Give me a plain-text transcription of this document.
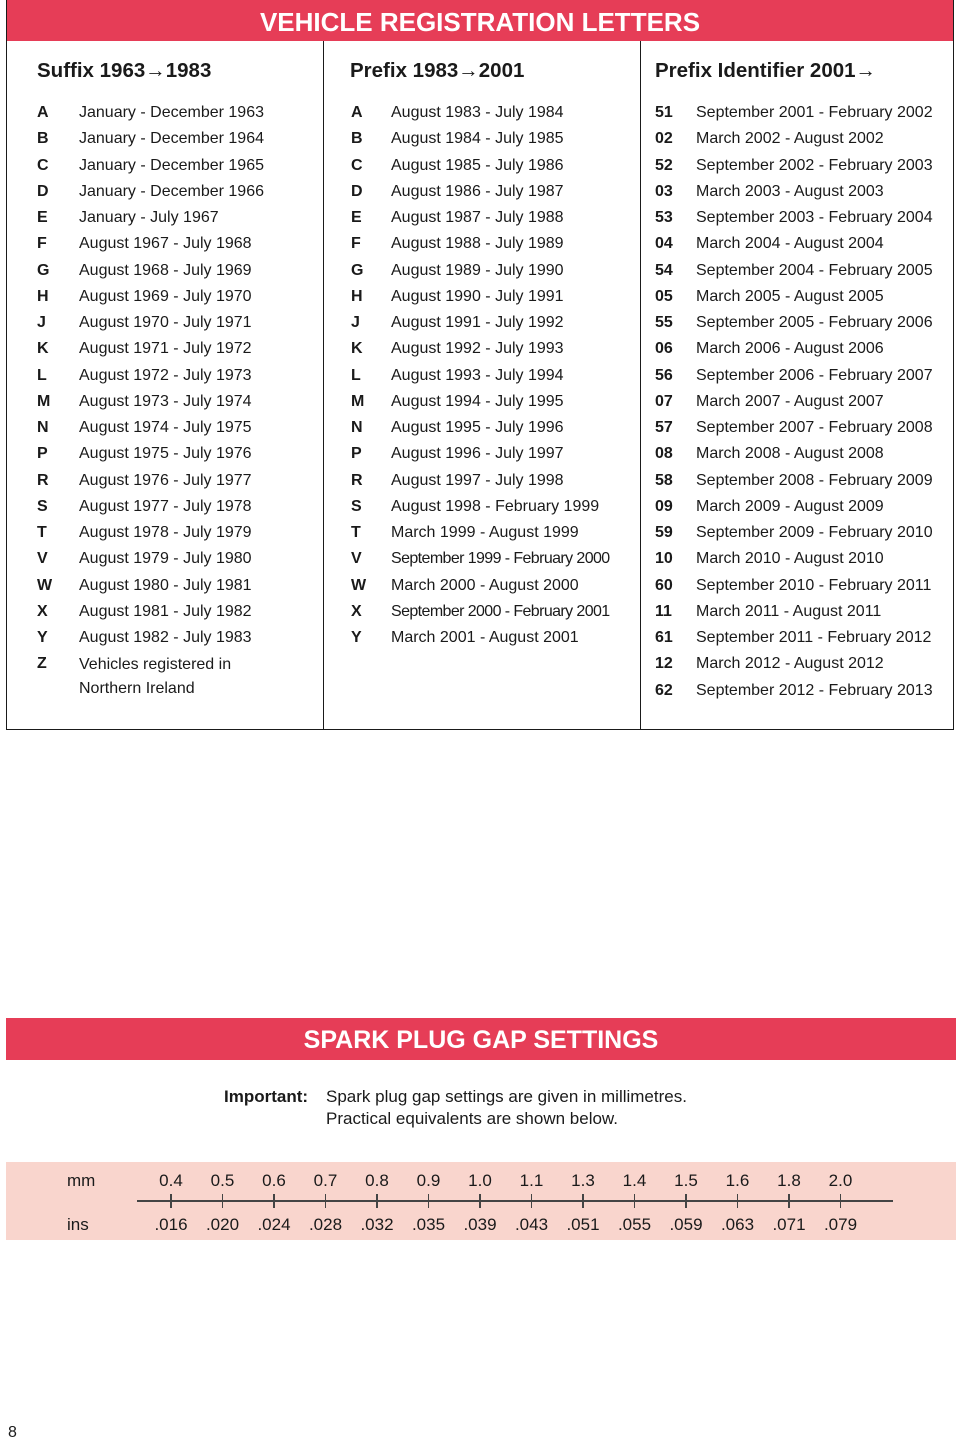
VEHICLE REGISTRATION LETTERS
Suffix 1963→1983
A January - December 1963
B January - December 1964
C January - December 1965
D January - December 1966
E January - July 1967
F August 1967 - July 1968
G August 1968 - July 1969
H August 1969 - July 1970
J August 1970 - July 1971
K August 1971 - July 1972
L August 1972 - July 1973
M August 1973 - July 1974
N August 1974 - July 1975
P August 1975 - July 1976
R August 1976 - July 1977
S August 1977 - July 1978
T August 1978 - July 1979
V August 1979 - July 1980
W August 1980 - July 1981
X August 1981 - July 1982
Y August 1982 - July 1983
Z Vehicles registered in Northern Ireland
Prefix 1983→2001
A August 1983 - July 1984
B August 1984 - July 1985
C August 1985 - July 1986
D August 1986 - July 1987
E August 1987 - July 1988
F August 1988 - July 1989
G August 1989 - July 1990
H August 1990 - July 1991
J August 1991 - July 1992
K August 1992 - July 1993
L August 1993 - July 1994
M August 1994 - July 1995
N August 1995 - July 1996
P August 1996 - July 1997
R August 1997 - July 1998
S August 1998 - February 1999
T March 1999 - August 1999
V September 1999 - February 2000
W March 2000 - August 2000
X September 2000 - February 2001
Y March 2001 - August 2001
Prefix Identifier 2001→
51 September 2001 - February 2002
02 March 2002 - August 2002
52 September 2002 - February 2003
03 March 2003 - August 2003
53 September 2003 - February 2004
04 March 2004 - August 2004
54 September 2004 - February 2005
05 March 2005 - August 2005
55 September 2005 - February 2006
06 March 2006 - August 2006
56 September 2006 - February 2007
07 March 2007 - August 2007
57 September 2007 - February 2008
08 March 2008 - August 2008
58 September 2008 - February 2009
09 March 2009 - August 2009
59 September 2009 - February 2010
10 March 2010 - August 2010
60 September 2010 - February 2011
11 March 2011 - August 2011
61 September 2011 - February 2012
12 March 2012 - August 2012
62 September 2012 - February 2013
SPARK PLUG GAP SETTINGS
Important: Spark plug gap settings are given in millimetres.
Practical equivalents are shown below.
mm
ins
0.4
.016
0.5
.020
0.6
.024
0.7
.028
0.8
.032
0.9
.035
1.0
.039
1.1
.043
1.3
.051
1.4
.055
1.5
.059
1.6
.063
1.8
.071
2.0
.079
8
